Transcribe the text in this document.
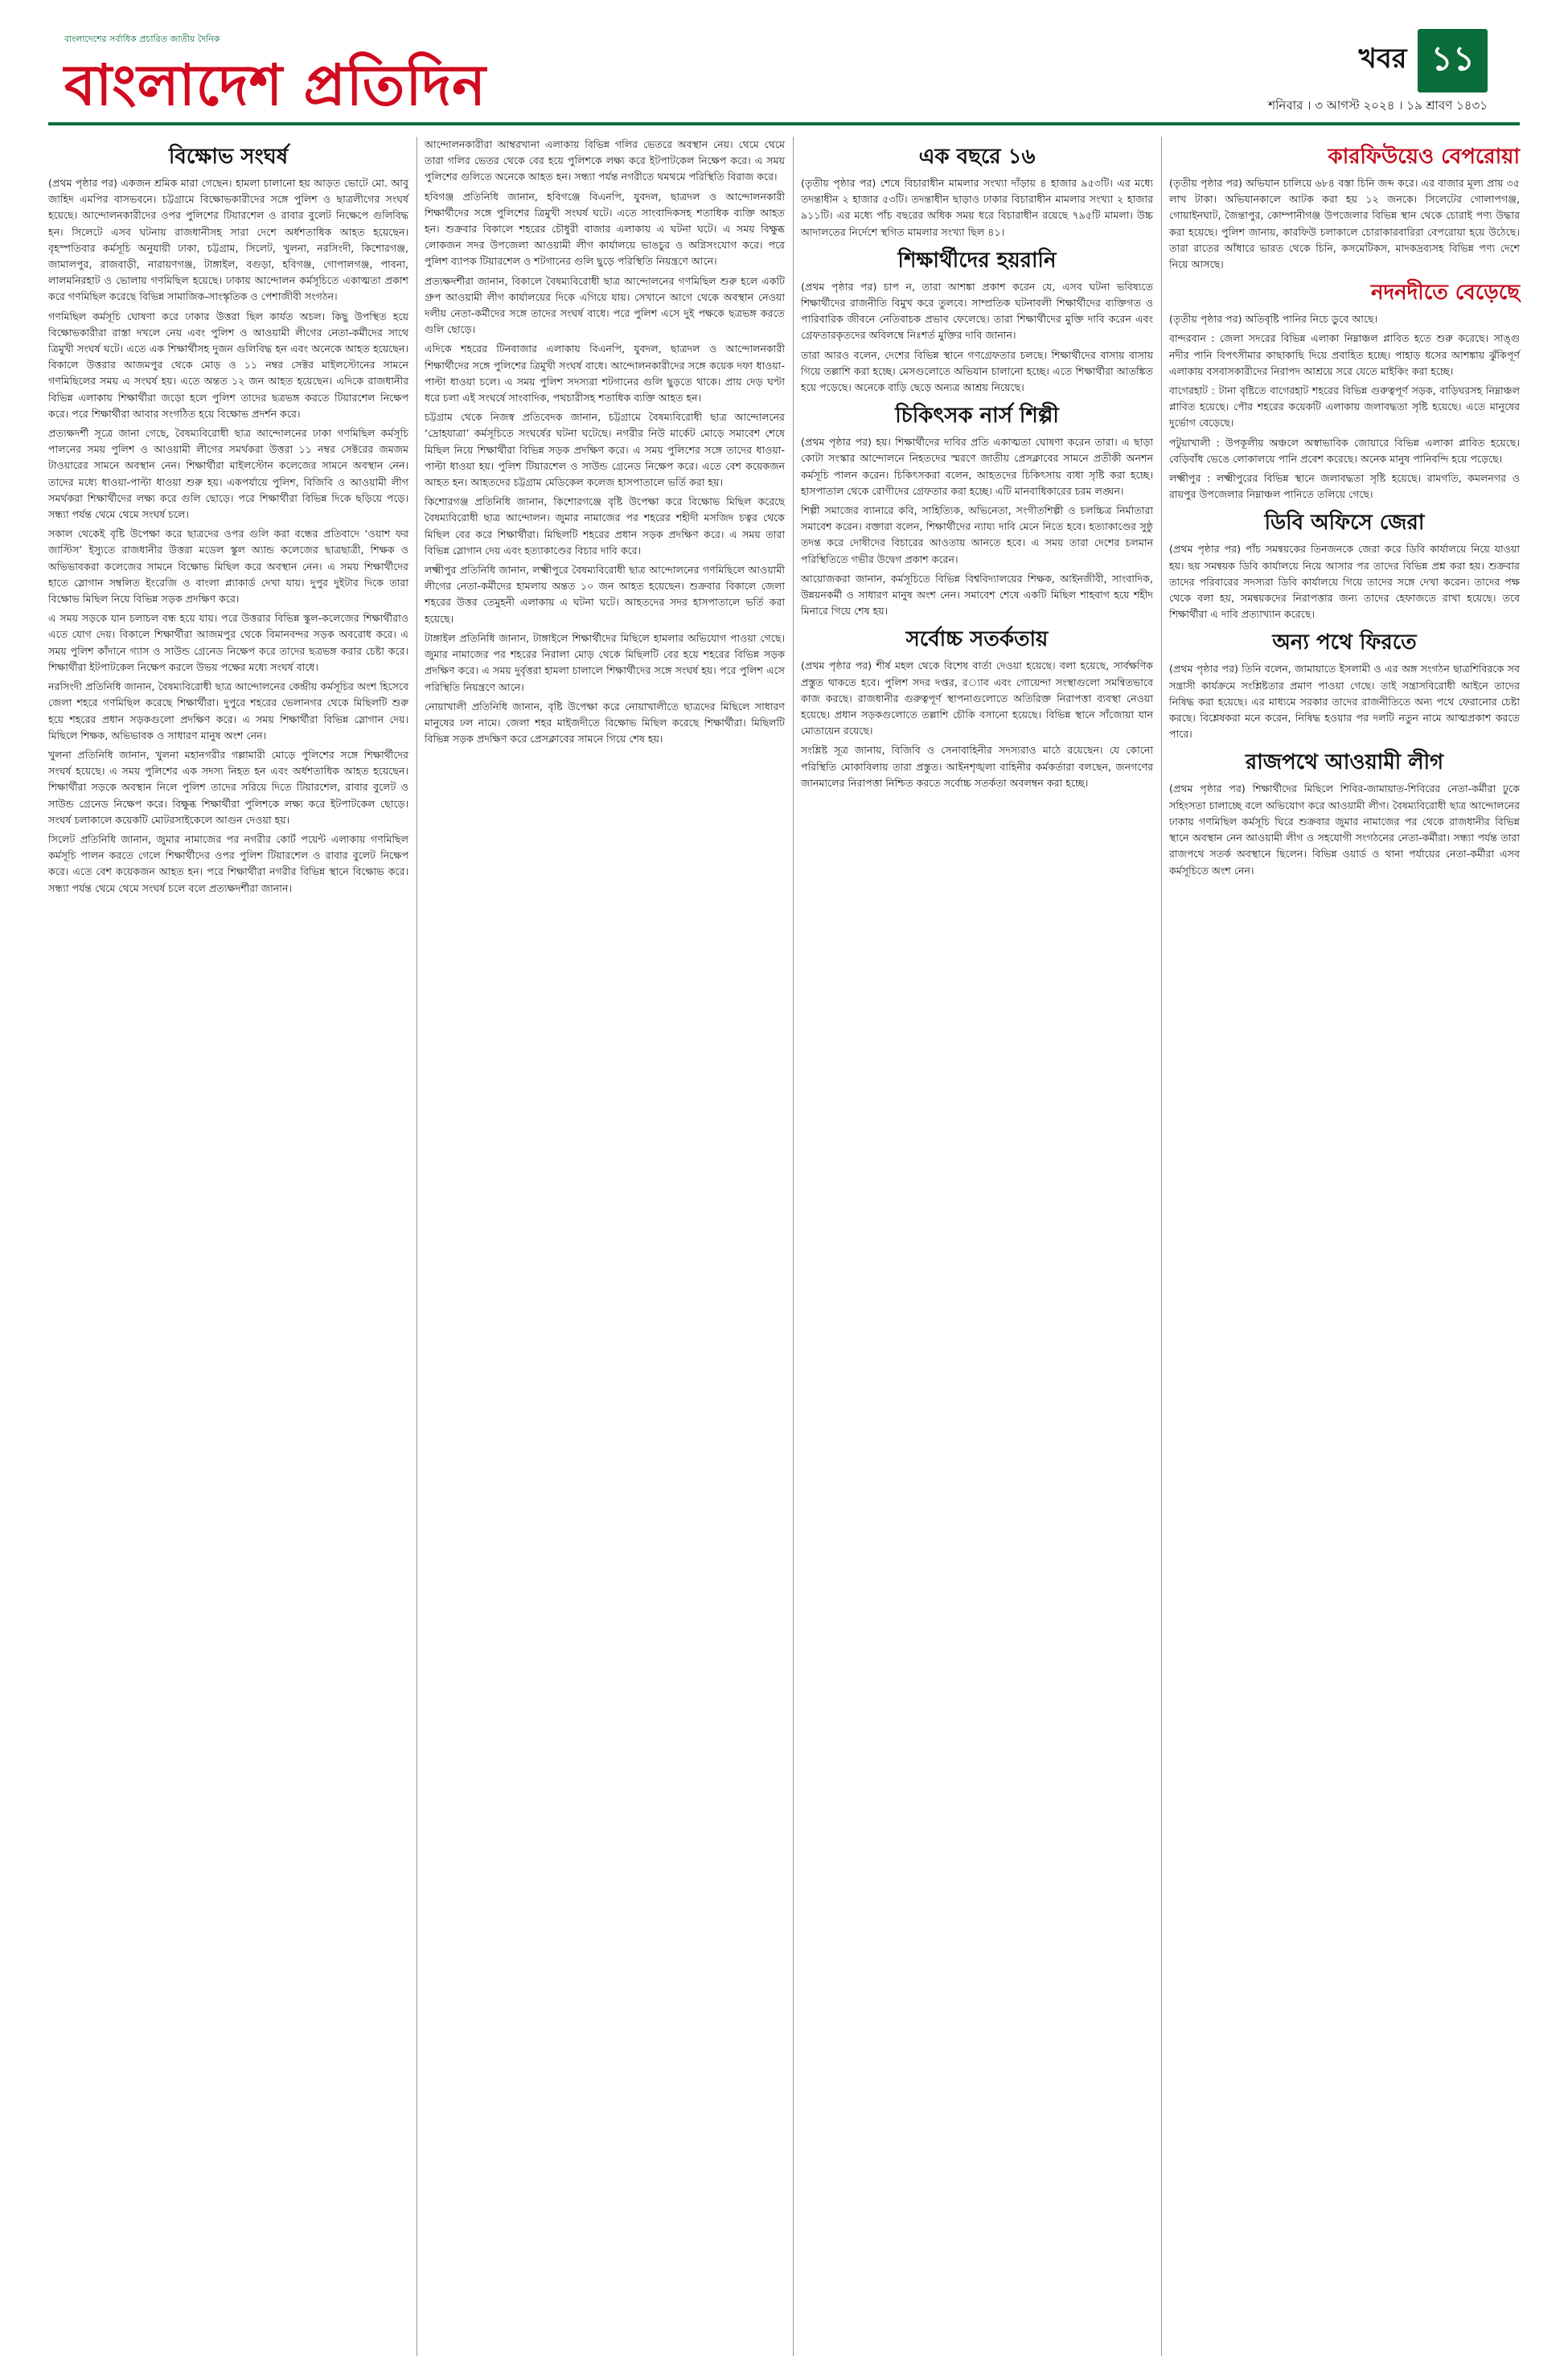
বাংলাদেশের সর্বাধিক প্রচারিত জাতীয় দৈনিক
বাংলাদেশ প্রতিদিন	খবর ১১
শনিবার । ৩ আগস্ট ২০২৪ । ১৯ শ্রাবণ ১৪৩১
বিক্ষোভ সংঘর্ষ

(প্রথম পৃষ্ঠার পর) একজন শ্রমিক মারা গেছেন। হামলা চালানো হয় আড়ত ভোটে মো. আবু জাহিদ এমপির বাসভবনে। চট্টগ্রামে বিক্ষোভকারীদের সঙ্গে পুলিশ ও ছাত্রলীগের সংঘর্ষ হয়েছে। আন্দোলনকারীদের ওপর পুলিশের টিয়ারশেল ও রাবার বুলেট নিক্ষেপে গুলিবিদ্ধ হন। সিলেটে এসব ঘটনায় রাজধানীসহ সারা দেশে অর্ধশতাধিক আহত হয়েছেন। বৃহস্পতিবার কর্মসূচি অনুযায়ী ঢাকা, চট্টগ্রাম, সিলেট, খুলনা, নরসিংদী, কিশোরগঞ্জ, জামালপুর, রাজবাড়ী, নারায়ণগঞ্জ, টাঙ্গাইল, বগুড়া, হবিগঞ্জ, গোপালগঞ্জ, পাবনা, লালমনিরহাট ও ভোলায় গণমিছিল হয়েছে। ঢাকায় আন্দোলন কর্মসূচিতে একাত্মতা প্রকাশ করে গণমিছিল করেছে বিভিন্ন সামাজিক-সাংস্কৃতিক ও পেশাজীবী সংগঠন।

গণমিছিল কর্মসূচি ঘোষণা করে ঢাকার উত্তরা ছিল কার্যত অচল। কিছু উপস্থিত হয়ে বিক্ষোভকারীরা রাস্তা দখলে নেয় এবং পুলিশ ও আওয়ামী লীগের নেতা-কর্মীদের সাথে ত্রিমুখী সংঘর্ষ ঘটে। এতে এক শিক্ষার্থীসহ দুজন গুলিবিদ্ধ হন এবং অনেকে আহত হয়েছেন। বিকালে উত্তরার আজমপুর থেকে মোড় ও ১১ নম্বর সেক্টর মাইলস্টোনের সামনে গণমিছিলের সময় এ সংঘর্ষ হয়। এতে অন্তত ১২ জন আহত হয়েছেন। এদিকে রাজধানীর বিভিন্ন এলাকায় শিক্ষার্থীরা জড়ো হলে পুলিশ তাদের ছত্রভঙ্গ করতে টিয়ারশেল নিক্ষেপ করে। পরে শিক্ষার্থীরা আবার সংগঠিত হয়ে বিক্ষোভ প্রদর্শন করে।

প্রত্যক্ষদর্শী সূত্রে জানা গেছে, বৈষম্যবিরোধী ছাত্র আন্দোলনের ঢাকা গণমিছিল কর্মসূচি পালনের সময় পুলিশ ও আওয়ামী লীগের সমর্থকরা উত্তরা ১১ নম্বর সেক্টরের জমজম টাওয়ারের সামনে অবস্থান নেন। শিক্ষার্থীরা মাইলস্টোন কলেজের সামনে অবস্থান নেন। তাদের মধ্যে ধাওয়া-পাল্টা ধাওয়া শুরু হয়। একপর্যায়ে পুলিশ, বিজিবি ও আওয়ামী লীগ সমর্থকরা শিক্ষার্থীদের লক্ষ্য করে গুলি ছোড়ে। পরে শিক্ষার্থীরা বিভিন্ন দিকে ছড়িয়ে পড়ে। সন্ধ্যা পর্যন্ত থেমে থেমে সংঘর্ষ চলে।

সকাল থেকেই বৃষ্টি উপেক্ষা করে ছাত্রদের ওপর গুলি করা বন্ধের প্রতিবাদে ‘ওয়াশ ফর জাস্টিস’ ইস্যুতে রাজধানীর উত্তরা মডেল স্কুল অ্যান্ড কলেজের ছাত্রছাত্রী, শিক্ষক ও অভিভাবকরা কলেজের সামনে বিক্ষোভ মিছিল করে অবস্থান নেন। এ সময় শিক্ষার্থীদের হাতে স্লোগান সম্বলিত ইংরেজি ও বাংলা প্ল্যাকার্ড দেখা যায়। দুপুর দুইটার দিকে তারা বিক্ষোভ মিছিল নিয়ে বিভিন্ন সড়ক প্রদক্ষিণ করে।

এ সময় সড়কে যান চলাচল বন্ধ হয়ে যায়। পরে উত্তরার বিভিন্ন স্কুল-কলেজের শিক্ষার্থীরাও এতে যোগ দেয়। বিকালে শিক্ষার্থীরা আজমপুর থেকে বিমানবন্দর সড়ক অবরোধ করে। এ সময় পুলিশ কাঁদানে গ্যাস ও সাউন্ড গ্রেনেড নিক্ষেপ করে তাদের ছত্রভঙ্গ করার চেষ্টা করে। শিক্ষার্থীরা ইটপাটকেল নিক্ষেপ করলে উভয় পক্ষের মধ্যে সংঘর্ষ বাধে।

নরসিংদী প্রতিনিধি জানান, বৈষম্যবিরোধী ছাত্র আন্দোলনের কেন্দ্রীয় কর্মসূচির অংশ হিসেবে জেলা শহরে গণমিছিল করেছে শিক্ষার্থীরা। দুপুরে শহরের ভেলানগর থেকে মিছিলটি শুরু হয়ে শহরের প্রধান সড়কগুলো প্রদক্ষিণ করে। এ সময় শিক্ষার্থীরা বিভিন্ন স্লোগান দেয়। মিছিলে শিক্ষক, অভিভাবক ও সাধারণ মানুষ অংশ নেন।

খুলনা প্রতিনিধি জানান, খুলনা মহানগরীর গল্লামারী মোড়ে পুলিশের সঙ্গে শিক্ষার্থীদের সংঘর্ষ হয়েছে। এ সময় পুলিশের এক সদস্য নিহত হন এবং অর্ধশতাধিক আহত হয়েছেন। শিক্ষার্থীরা সড়কে অবস্থান নিলে পুলিশ তাদের সরিয়ে দিতে টিয়ারশেল, রাবার বুলেট ও সাউন্ড গ্রেনেড নিক্ষেপ করে। বিক্ষুব্ধ শিক্ষার্থীরা পুলিশকে লক্ষ্য করে ইটপাটকেল ছোড়ে। সংঘর্ষ চলাকালে কয়েকটি মোটরসাইকেলে আগুন দেওয়া হয়।

সিলেট প্রতিনিধি জানান, জুমার নামাজের পর নগরীর কোর্ট পয়েন্ট এলাকায় গণমিছিল কর্মসূচি পালন করতে গেলে শিক্ষার্থীদের ওপর পুলিশ টিয়ারশেল ও রাবার বুলেট নিক্ষেপ করে। এতে বেশ কয়েকজন আহত হন। পরে শিক্ষার্থীরা নগরীর বিভিন্ন স্থানে বিক্ষোভ করে। সন্ধ্যা পর্যন্ত থেমে থেমে সংঘর্ষ চলে বলে প্রত্যক্ষদর্শীরা জানান।

আন্দোলনকারীরা আম্বরখানা এলাকায় বিভিন্ন গলির ভেতরে অবস্থান নেয়। থেমে থেমে তারা গলির ভেতর থেকে বের হয়ে পুলিশকে লক্ষ্য করে ইটপাটকেল নিক্ষেপ করে। এ সময় পুলিশের গুলিতে অনেকে আহত হন। সন্ধ্যা পর্যন্ত নগরীতে থমথমে পরিস্থিতি বিরাজ করে।

হবিগঞ্জ প্রতিনিধি জানান, হবিগঞ্জে বিএনপি, যুবদল, ছাত্রদল ও আন্দোলনকারী শিক্ষার্থীদের সঙ্গে পুলিশের ত্রিমুখী সংঘর্ষ ঘটে। এতে সাংবাদিকসহ শতাধিক ব্যক্তি আহত হন। শুক্রবার বিকালে শহরের চৌধুরী বাজার এলাকায় এ ঘটনা ঘটে। এ সময় বিক্ষুব্ধ লোকজন সদর উপজেলা আওয়ামী লীগ কার্যালয়ে ভাঙচুর ও অগ্নিসংযোগ করে। পরে পুলিশ ব্যাপক টিয়ারশেল ও শটগানের গুলি ছুড়ে পরিস্থিতি নিয়ন্ত্রণে আনে।

প্রত্যক্ষদর্শীরা জানান, বিকালে বৈষম্যবিরোধী ছাত্র আন্দোলনের গণমিছিল শুরু হলে একটি গ্রুপ আওয়ামী লীগ কার্যালয়ের দিকে এগিয়ে যায়। সেখানে আগে থেকে অবস্থান নেওয়া দলীয় নেতা-কর্মীদের সঙ্গে তাদের সংঘর্ষ বাধে। পরে পুলিশ এসে দুই পক্ষকে ছত্রভঙ্গ করতে গুলি ছোড়ে।

এদিকে শহরের টিনবাজার এলাকায় বিএনপি, যুবদল, ছাত্রদল ও আন্দোলনকারী শিক্ষার্থীদের সঙ্গে পুলিশের ত্রিমুখী সংঘর্ষ বাধে। আন্দোলনকারীদের সঙ্গে কয়েক দফা ধাওয়া-পাল্টা ধাওয়া চলে। এ সময় পুলিশ সদস্যরা শটগানের গুলি ছুড়তে থাকে। প্রায় দেড় ঘণ্টা ধরে চলা এই সংঘর্ষে সাংবাদিক, পথচারীসহ শতাধিক ব্যক্তি আহত হন।

চট্টগ্রাম থেকে নিজস্ব প্রতিবেদক জানান, চট্টগ্রামে বৈষম্যবিরোধী ছাত্র আন্দোলনের ‘দ্রোহযাত্রা’ কর্মসূচিতে সংঘর্ষের ঘটনা ঘটেছে। নগরীর নিউ মার্কেট মোড়ে সমাবেশ শেষে মিছিল নিয়ে শিক্ষার্থীরা বিভিন্ন সড়ক প্রদক্ষিণ করে। এ সময় পুলিশের সঙ্গে তাদের ধাওয়া-পাল্টা ধাওয়া হয়। পুলিশ টিয়ারশেল ও সাউন্ড গ্রেনেড নিক্ষেপ করে। এতে বেশ কয়েকজন আহত হন। আহতদের চট্টগ্রাম মেডিকেল কলেজ হাসপাতালে ভর্তি করা হয়।

কিশোরগঞ্জ প্রতিনিধি জানান, কিশোরগঞ্জে বৃষ্টি উপেক্ষা করে বিক্ষোভ মিছিল করেছে বৈষম্যবিরোধী ছাত্র আন্দোলন। জুমার নামাজের পর শহরের শহীদী মসজিদ চত্বর থেকে মিছিল বের করে শিক্ষার্থীরা। মিছিলটি শহরের প্রধান সড়ক প্রদক্ষিণ করে। এ সময় তারা বিভিন্ন স্লোগান দেয় এবং হত্যাকাণ্ডের বিচার দাবি করে।

লক্ষ্মীপুর প্রতিনিধি জানান, লক্ষ্মীপুরে বৈষম্যবিরোধী ছাত্র আন্দোলনের গণমিছিলে আওয়ামী লীগের নেতা-কর্মীদের হামলায় অন্তত ১০ জন আহত হয়েছেন। শুক্রবার বিকালে জেলা শহরের উত্তর তেমুহনী এলাকায় এ ঘটনা ঘটে। আহতদের সদর হাসপাতালে ভর্তি করা হয়েছে।

টাঙ্গাইল প্রতিনিধি জানান, টাঙ্গাইলে শিক্ষার্থীদের মিছিলে হামলার অভিযোগ পাওয়া গেছে। জুমার নামাজের পর শহরের নিরালা মোড় থেকে মিছিলটি বের হয়ে শহরের বিভিন্ন সড়ক প্রদক্ষিণ করে। এ সময় দুর্বৃত্তরা হামলা চালালে শিক্ষার্থীদের সঙ্গে সংঘর্ষ হয়। পরে পুলিশ এসে পরিস্থিতি নিয়ন্ত্রণে আনে।

নোয়াখালী প্রতিনিধি জানান, বৃষ্টি উপেক্ষা করে নোয়াখালীতে ছাত্রদের মিছিলে সাধারণ মানুষের ঢল নামে। জেলা শহর মাইজদীতে বিক্ষোভ মিছিল করেছে শিক্ষার্থীরা। মিছিলটি বিভিন্ন সড়ক প্রদক্ষিণ করে প্রেসক্লাবের সামনে গিয়ে শেষ হয়।

এক বছরে ১৬

(তৃতীয় পৃষ্ঠার পর) শেষে বিচারাধীন মামলার সংখ্যা দাঁড়ায় ৪ হাজার ৯৫৩টি। এর মধ্যে তদন্তাধীন ২ হাজার ৫৩টি। তদন্তাধীন ছাড়াও ঢাকার বিচারাধীন মামলার সংখ্যা ২ হাজার ৯১১টি। এর মধ্যে পাঁচ বছরের অধিক সময় ধরে বিচারাধীন রয়েছে ৭৯৫টি মামলা। উচ্চ আদালতের নির্দেশে স্থগিত মামলার সংখ্যা ছিল ৪১।

শিক্ষার্থীদের হয়রানি

(প্রথম পৃষ্ঠার পর) চাপ ন, তারা আশঙ্কা প্রকাশ করেন যে, এসব ঘটনা ভবিষ্যতে শিক্ষার্থীদের রাজনীতি বিমুখ করে তুলবে। সাম্প্রতিক ঘটনাবলী শিক্ষার্থীদের ব্যক্তিগত ও পারিবারিক জীবনে নেতিবাচক প্রভাব ফেলেছে। তারা শিক্ষার্থীদের মুক্তি দাবি করেন এবং গ্রেফতারকৃতদের অবিলম্বে নিঃশর্ত মুক্তির দাবি জানান।

তারা আরও বলেন, দেশের বিভিন্ন স্থানে গণগ্রেফতার চলছে। শিক্ষার্থীদের বাসায় বাসায় গিয়ে তল্লাশি করা হচ্ছে। মেসগুলোতে অভিযান চালানো হচ্ছে। এতে শিক্ষার্থীরা আতঙ্কিত হয়ে পড়েছে। অনেকে বাড়ি ছেড়ে অন্যত্র আশ্রয় নিয়েছে।

চিকিৎসক নার্স শিল্পী

(প্রথম পৃষ্ঠার পর) হয়। শিক্ষার্থীদের দাবির প্রতি একাত্মতা ঘোষণা করেন তারা। এ ছাড়া কোটা সংস্কার আন্দোলনে নিহতদের স্মরণে জাতীয় প্রেসক্লাবের সামনে প্রতীকী অনশন কর্মসূচি পালন করেন। চিকিৎসকরা বলেন, আহতদের চিকিৎসায় বাধা সৃষ্টি করা হচ্ছে। হাসপাতাল থেকে রোগীদের গ্রেফতার করা হচ্ছে। এটি মানবাধিকারের চরম লঙ্ঘন।

শিল্পী সমাজের ব্যানারে কবি, সাহিত্যিক, অভিনেতা, সংগীতশিল্পী ও চলচ্চিত্র নির্মাতারা সমাবেশ করেন। বক্তারা বলেন, শিক্ষার্থীদের ন্যায্য দাবি মেনে নিতে হবে। হত্যাকাণ্ডের সুষ্ঠু তদন্ত করে দোষীদের বিচারের আওতায় আনতে হবে। এ সময় তারা দেশের চলমান পরিস্থিতিতে গভীর উদ্বেগ প্রকাশ করেন।

আয়োজকরা জানান, কর্মসূচিতে বিভিন্ন বিশ্ববিদ্যালয়ের শিক্ষক, আইনজীবী, সাংবাদিক, উন্নয়নকর্মী ও সাধারণ মানুষ অংশ নেন। সমাবেশ শেষে একটি মিছিল শাহবাগ হয়ে শহীদ মিনারে গিয়ে শেষ হয়।

সর্বোচ্চ সতর্কতায়

(প্রথম পৃষ্ঠার পর) শীর্ষ মহল থেকে বিশেষ বার্তা দেওয়া হয়েছে। বলা হয়েছে, সার্বক্ষণিক প্রস্তুত থাকতে হবে। পুলিশ সদর দপ্তর, র‌্যাব এবং গোয়েন্দা সংস্থাগুলো সমন্বিতভাবে কাজ করছে। রাজধানীর গুরুত্বপূর্ণ স্থাপনাগুলোতে অতিরিক্ত নিরাপত্তা ব্যবস্থা নেওয়া হয়েছে। প্রধান সড়কগুলোতে তল্লাশি চৌকি বসানো হয়েছে। বিভিন্ন স্থানে সাঁজোয়া যান মোতায়েন রয়েছে।

সংশ্লিষ্ট সূত্র জানায়, বিজিবি ও সেনাবাহিনীর সদস্যরাও মাঠে রয়েছেন। যে কোনো পরিস্থিতি মোকাবিলায় তারা প্রস্তুত। আইনশৃঙ্খলা বাহিনীর কর্মকর্তারা বলছেন, জনগণের জানমালের নিরাপত্তা নিশ্চিত করতে সর্বোচ্চ সতর্কতা অবলম্বন করা হচ্ছে।

কারফিউয়েও বেপরোয়া

(তৃতীয় পৃষ্ঠার পর) অভিযান চালিয়ে ৬৮৪ বস্তা চিনি জব্দ করে। এর বাজার মূল্য প্রায় ৩৫ লাখ টাকা। অভিযানকালে আটক করা হয় ১২ জনকে। সিলেটের গোলাপগঞ্জ, গোয়াইনঘাট, জৈন্তাপুর, কোম্পানীগঞ্জ উপজেলার বিভিন্ন স্থান থেকে চোরাই পণ্য উদ্ধার করা হয়েছে। পুলিশ জানায়, কারফিউ চলাকালে চোরাকারবারিরা বেপরোয়া হয়ে উঠেছে। তারা রাতের আঁধারে ভারত থেকে চিনি, কসমেটিকস, মাদকদ্রব্যসহ বিভিন্ন পণ্য দেশে নিয়ে আসছে।

নদনদীতে বেড়েছে

(তৃতীয় পৃষ্ঠার পর) অতিবৃষ্টি পানির নিচে ডুবে আছে।

বান্দরবান : জেলা সদরের বিভিন্ন এলাকা নিম্নাঞ্চল প্লাবিত হতে শুরু করেছে। সাঙ্গু নদীর পানি বিপৎসীমার কাছাকাছি দিয়ে প্রবাহিত হচ্ছে। পাহাড় ধসের আশঙ্কায় ঝুঁকিপূর্ণ এলাকায় বসবাসকারীদের নিরাপদ আশ্রয়ে সরে যেতে মাইকিং করা হচ্ছে।

বাগেরহাট : টানা বৃষ্টিতে বাগেরহাট শহরের বিভিন্ন গুরুত্বপূর্ণ সড়ক, বাড়িঘরসহ নিম্নাঞ্চল প্লাবিত হয়েছে। পৌর শহরের কয়েকটি এলাকায় জলাবদ্ধতা সৃষ্টি হয়েছে। এতে মানুষের দুর্ভোগ বেড়েছে।

পটুয়াখালী : উপকূলীয় অঞ্চলে অস্বাভাবিক জোয়ারে বিভিন্ন এলাকা প্লাবিত হয়েছে। বেড়িবাঁধ ভেঙে লোকালয়ে পানি প্রবেশ করেছে। অনেক মানুষ পানিবন্দি হয়ে পড়েছে।

লক্ষ্মীপুর : লক্ষ্মীপুরের বিভিন্ন স্থানে জলাবদ্ধতা সৃষ্টি হয়েছে। রামগতি, কমলনগর ও রায়পুর উপজেলার নিম্নাঞ্চল পানিতে তলিয়ে গেছে।

ডিবি অফিসে জেরা

(প্রথম পৃষ্ঠার পর) পাঁচ সমন্বয়কের তিনজনকে জেরা করে ডিবি কার্যালয়ে নিয়ে যাওয়া হয়। ছয় সমন্বয়ক ডিবি কার্যালয়ে নিয়ে আসার পর তাদের বিভিন্ন প্রশ্ন করা হয়। শুক্রবার তাদের পরিবারের সদস্যরা ডিবি কার্যালয়ে গিয়ে তাদের সঙ্গে দেখা করেন। তাদের পক্ষ থেকে বলা হয়, সমন্বয়কদের নিরাপত্তার জন্য তাদের হেফাজতে রাখা হয়েছে। তবে শিক্ষার্থীরা এ দাবি প্রত্যাখ্যান করেছে।

অন্য পথে ফিরতে

(প্রথম পৃষ্ঠার পর) তিনি বলেন, জামায়াতে ইসলামী ও এর অঙ্গ সংগঠন ছাত্রশিবিরকে সব সন্ত্রাসী কার্যক্রমে সংশ্লিষ্টতার প্রমাণ পাওয়া গেছে। তাই সন্ত্রাসবিরোধী আইনে তাদের নিষিদ্ধ করা হয়েছে। এর মাধ্যমে সরকার তাদের রাজনীতিতে অন্য পথে ফেরানোর চেষ্টা করছে। বিশ্লেষকরা মনে করেন, নিষিদ্ধ হওয়ার পর দলটি নতুন নামে আত্মপ্রকাশ করতে পারে।

রাজপথে আওয়ামী লীগ

(প্রথম পৃষ্ঠার পর) শিক্ষার্থীদের মিছিলে শিবির-জামায়াত-শিবিরের নেতা-কর্মীরা ঢুকে সহিংসতা চালাচ্ছে বলে অভিযোগ করে আওয়ামী লীগ। বৈষম্যবিরোধী ছাত্র আন্দোলনের ঢাকায় গণমিছিল কর্মসূচি ঘিরে শুক্রবার জুমার নামাজের পর থেকে রাজধানীর বিভিন্ন স্থানে অবস্থান নেন আওয়ামী লীগ ও সহযোগী সংগঠনের নেতা-কর্মীরা। সন্ধ্যা পর্যন্ত তারা রাজপথে সতর্ক অবস্থানে ছিলেন। বিভিন্ন ওয়ার্ড ও থানা পর্যায়ের নেতা-কর্মীরা এসব কর্মসূচিতে অংশ নেন।
